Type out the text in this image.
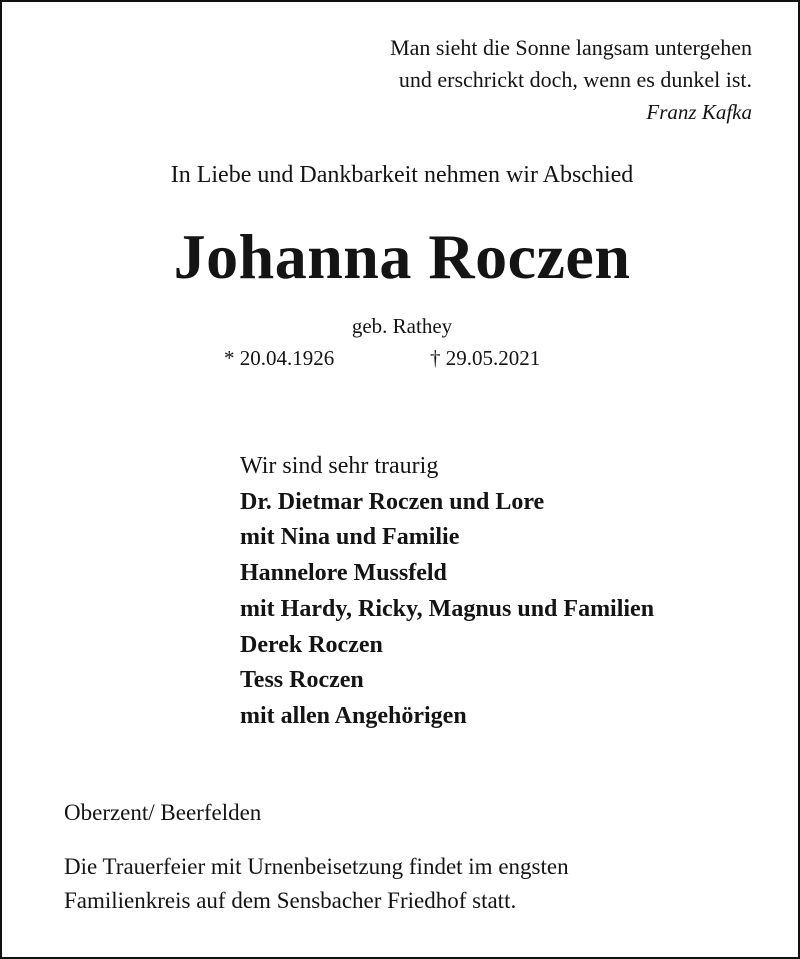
Man sieht die Sonne langsam untergehen
und erschrickt doch, wenn es dunkel ist.
Franz Kafka
In Liebe und Dankbarkeit nehmen wir Abschied
Johanna Roczen
geb. Rathey
* 20.04.1926	† 29.05.2021
Wir sind sehr traurig
Dr. Dietmar Roczen und Lore
mit Nina und Familie
Hannelore Mussfeld
mit Hardy, Ricky, Magnus und Familien
Derek Roczen
Tess Roczen
mit allen Angehörigen
Oberzent/ Beerfelden
Die Trauerfeier mit Urnenbeisetzung findet im engsten
Familienkreis auf dem Sensbacher Friedhof statt.
